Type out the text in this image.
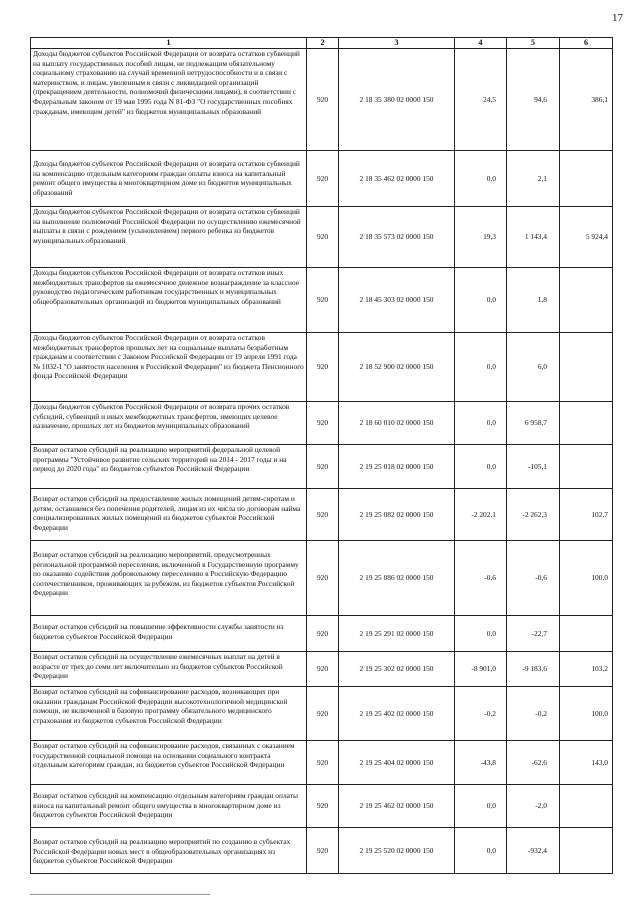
17
1	2	3	4	5	6
Доходы бюджетов субъектов Российской Федерации от возврата остатков субвенций на выплату государственных пособий лицам, не подлежащим обязательному социальному страхованию на случай временной нетрудоспособности и в связи с материнством, и лицам, уволенным в связи с ликвидацией организаций (прекращением деятельности, полномочий физическими лицами), в соответствии с Федеральным законом от 19 мая 1995 года N 81-ФЗ "О государственных пособиях гражданам, имеющим детей" из бюджетов муниципальных образований	920	2 18 35 380 02 0000 150	24,5	94,6	386,1
Доходы бюджетов субъектов Российской Федерации от возврата остатков субвенций на компенсацию отдельным категориям граждан оплаты взноса на капитальный ремонт общего имущества в многоквартирном доме из бюджетов муниципальных образований	920	2 18 35 462 02 0000 150	0,0	2,1	
Доходы бюджетов субъектов Российской Федерации от возврата остатков субвенций на выполнение полномочий Российской Федерации по осуществлению ежемесячной выплаты в связи с рождением (усыновлением) первого ребенка из бюджетов муниципальных образований	920	2 18 35 573 02 0000 150	19,3	1 143,4	5 924,4
Доходы бюджетов субъектов Российской Федерации от возврата остатков иных межбюджетных трансфертов на ежемесячное денежное вознаграждение за классное руководство педагогическим работникам государственных и муниципальных общеобразовательных организаций из бюджетов муниципальных образований	920	2 18 45 303 02 0000 150	0,0	1,8	
Доходы бюджетов субъектов Российской Федерации от возврата остатков межбюджетных трансфертов прошлых лет на социальные выплаты безработным гражданам в соответствии с Законом Российской Федерации от 19 апреля 1991 года № 1032-I "О занятости населения в Российской Федерации" из бюджета Пенсионного фонда Российской Федерации	920	2 18 52 900 02 0000 150	0,0	6,0	
Доходы бюджетов субъектов Российской Федерации от возврата прочих остатков субсидий, субвенций и иных межбюджетных трансфертов, имеющих целевое назначение, прошлых лет из бюджетов муниципальных образований	920	2 18 60 010 02 0000 150	0,0	6 958,7	
Возврат остатков субсидий на реализацию мероприятий федеральной целевой программы "Устойчивое развитие сельских территорий на 2014 - 2017 годы и на период до 2020 года" из бюджетов субъектов Российской Федерации	920	2 19 25 018 02 0000 150	0,0	-105,1	
Возврат остатков субсидий на предоставление жилых помещений детям-сиротам и детям, оставшимся без попечения родителей, лицам из их числа по договорам найма специализированных жилых помещений из бюджетов субъектов Российской Федерации	920	2 19 25 082 02 0000 150	-2 202,1	-2 262,3	102,7
Возврат остатков субсидий на реализацию мероприятий, предусмотренных региональной программой переселения, включенной в Государственную программу по оказанию содействия добровольному переселению в Российскую Федерацию соотечественников, проживающих за рубежом, из бюджетов субъектов Российской Федерации	920	2 19 25 086 02 0000 150	-0,6	-0,6	100,0
Возврат остатков субсидий на повышение эффективности службы занятости из бюджетов субъектов Российской Федерации	920	2 19 25 291 02 0000 150	0,0	-22,7	
Возврат остатков субсидий на осуществление ежемесячных выплат на детей в возрасте от трех до семи лет включительно из бюджетов субъектов Российской Федерации	920	2 19 25 302 02 0000 150	-8 901,0	-9 183,6	103,2
Возврат остатков субсидий на софинансирование расходов, возникающих при оказании гражданам Российской Федерации высокотехнологичной медицинской помощи, не включенной в базовую программу обязательного медицинского страхования из бюджетов субъектов Российской Федерации	920	2 19 25 402 02 0000 150	-0,2	-0,2	100,0
Возврат остатков субсидий на софинансирование расходов, связанных с оказанием государственной социальной помощи на основании социального контракта отдельным категориям граждан, из бюджетов субъектов Российской Федерации	920	2 19 25 404 02 0000 150	-43,8	-62,6	143,0
Возврат остатков субсидий на компенсацию отдельным категориям граждан оплаты взноса на капитальный ремонт общего имущества в многоквартирном доме из бюджетов субъектов Российской Федерации	920	2 19 25 462 02 0000 150	0,0	-2,0	
Возврат остатков субсидий на реализацию мероприятий по созданию в субъектах Российской Федерации новых мест в общеобразовательных организациях из бюджетов субъектов Российской Федерации	920	2 19 25 520 02 0000 150	0,0	-932,4	
